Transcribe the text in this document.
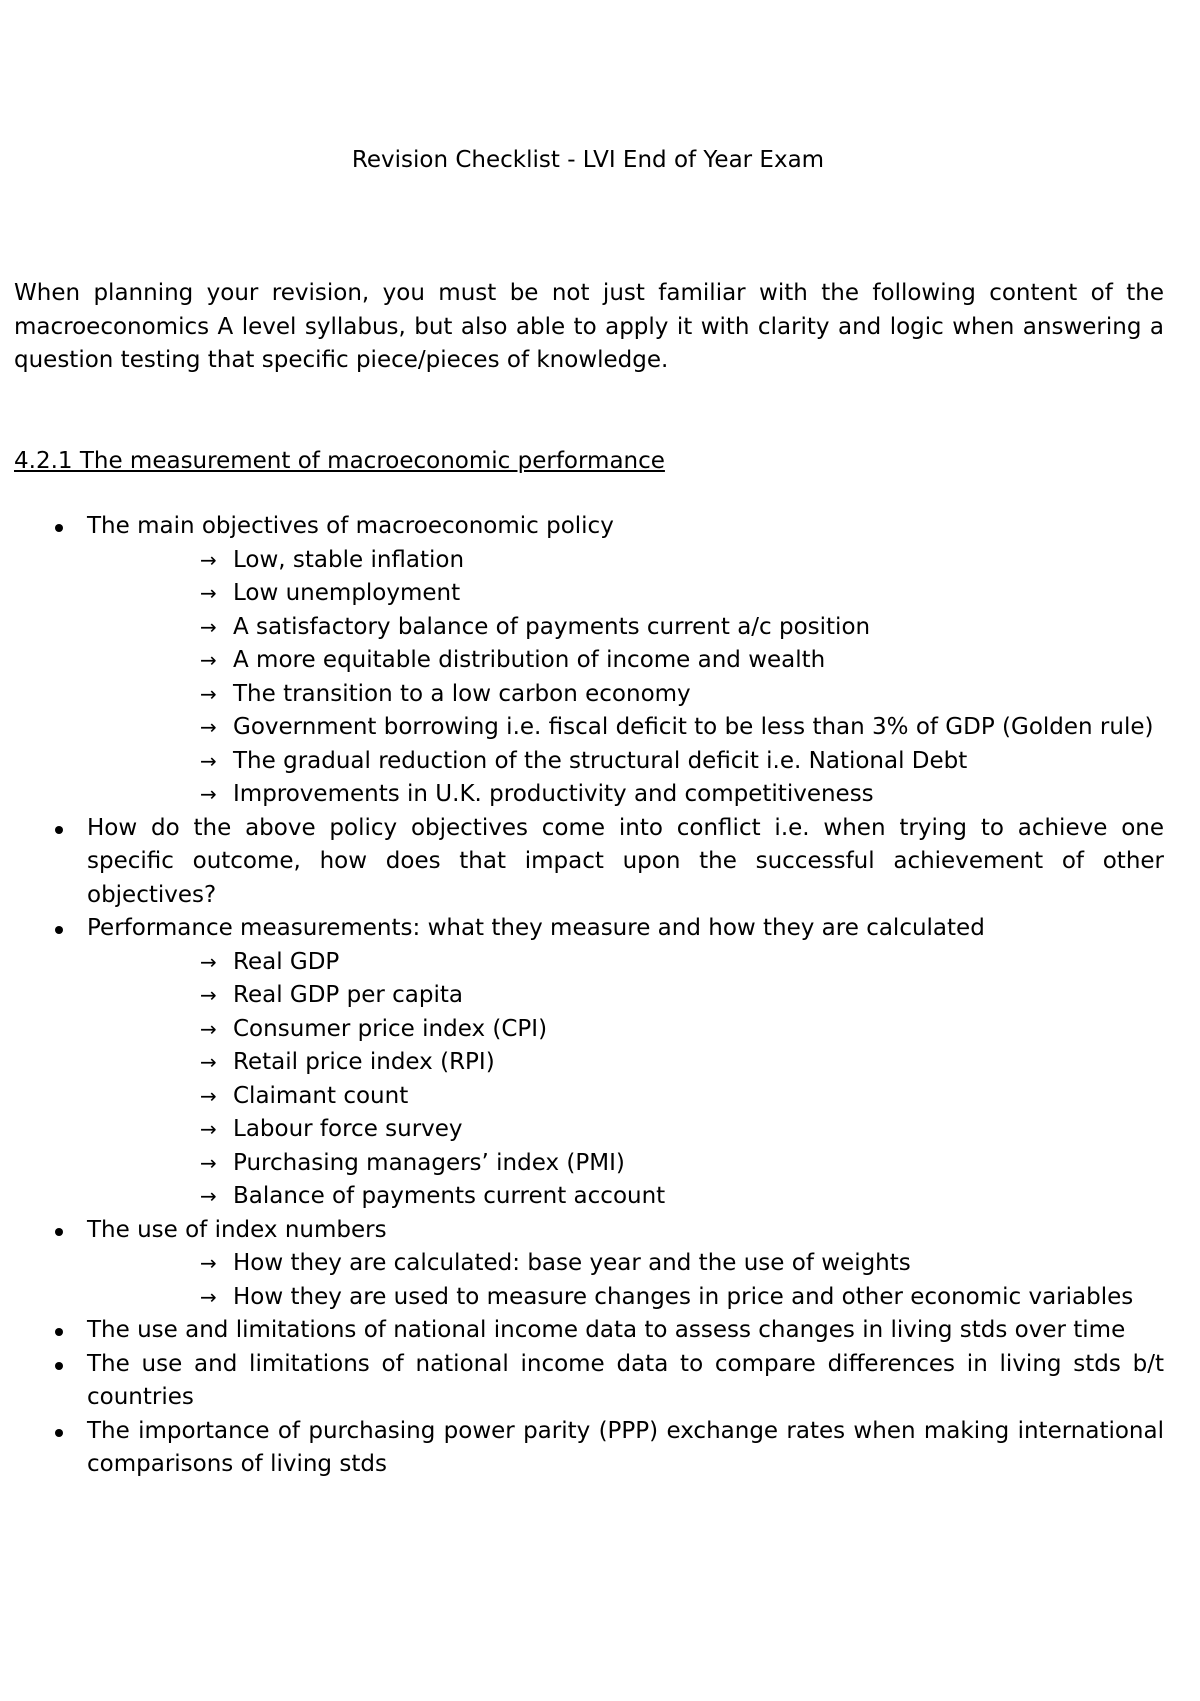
Revision Checklist - LVI End of Year Exam

When planning your revision, you must be not just familiar with the following content of the macroeconomics A level syllabus, but also able to apply it with clarity and logic when answering a question testing that specific piece/pieces of knowledge.

4.2.1 The measurement of macroeconomic performance
The main objectives of macroeconomic policy
→ Low, stable inflation
→ Low unemployment
→ A satisfactory balance of payments current a/c position
→ A more equitable distribution of income and wealth
→ The transition to a low carbon economy
→ Government borrowing i.e. fiscal deficit to be less than 3% of GDP (Golden rule)
→ The gradual reduction of the structural deficit i.e. National Debt
→ Improvements in U.K. productivity and competitiveness
How do the above policy objectives come into conflict i.e. when trying to achieve one specific outcome, how does that impact upon the successful achievement of other objectives?
Performance measurements: what they measure and how they are calculated
→ Real GDP
→ Real GDP per capita
→ Consumer price index (CPI)
→ Retail price index (RPI)
→ Claimant count
→ Labour force survey
→ Purchasing managers’ index (PMI)
→ Balance of payments current account
The use of index numbers
→ How they are calculated: base year and the use of weights
→ How they are used to measure changes in price and other economic variables
The use and limitations of national income data to assess changes in living stds over time
The use and limitations of national income data to compare differences in living stds b/t countries
The importance of purchasing power parity (PPP) exchange rates when making international comparisons of living stds
